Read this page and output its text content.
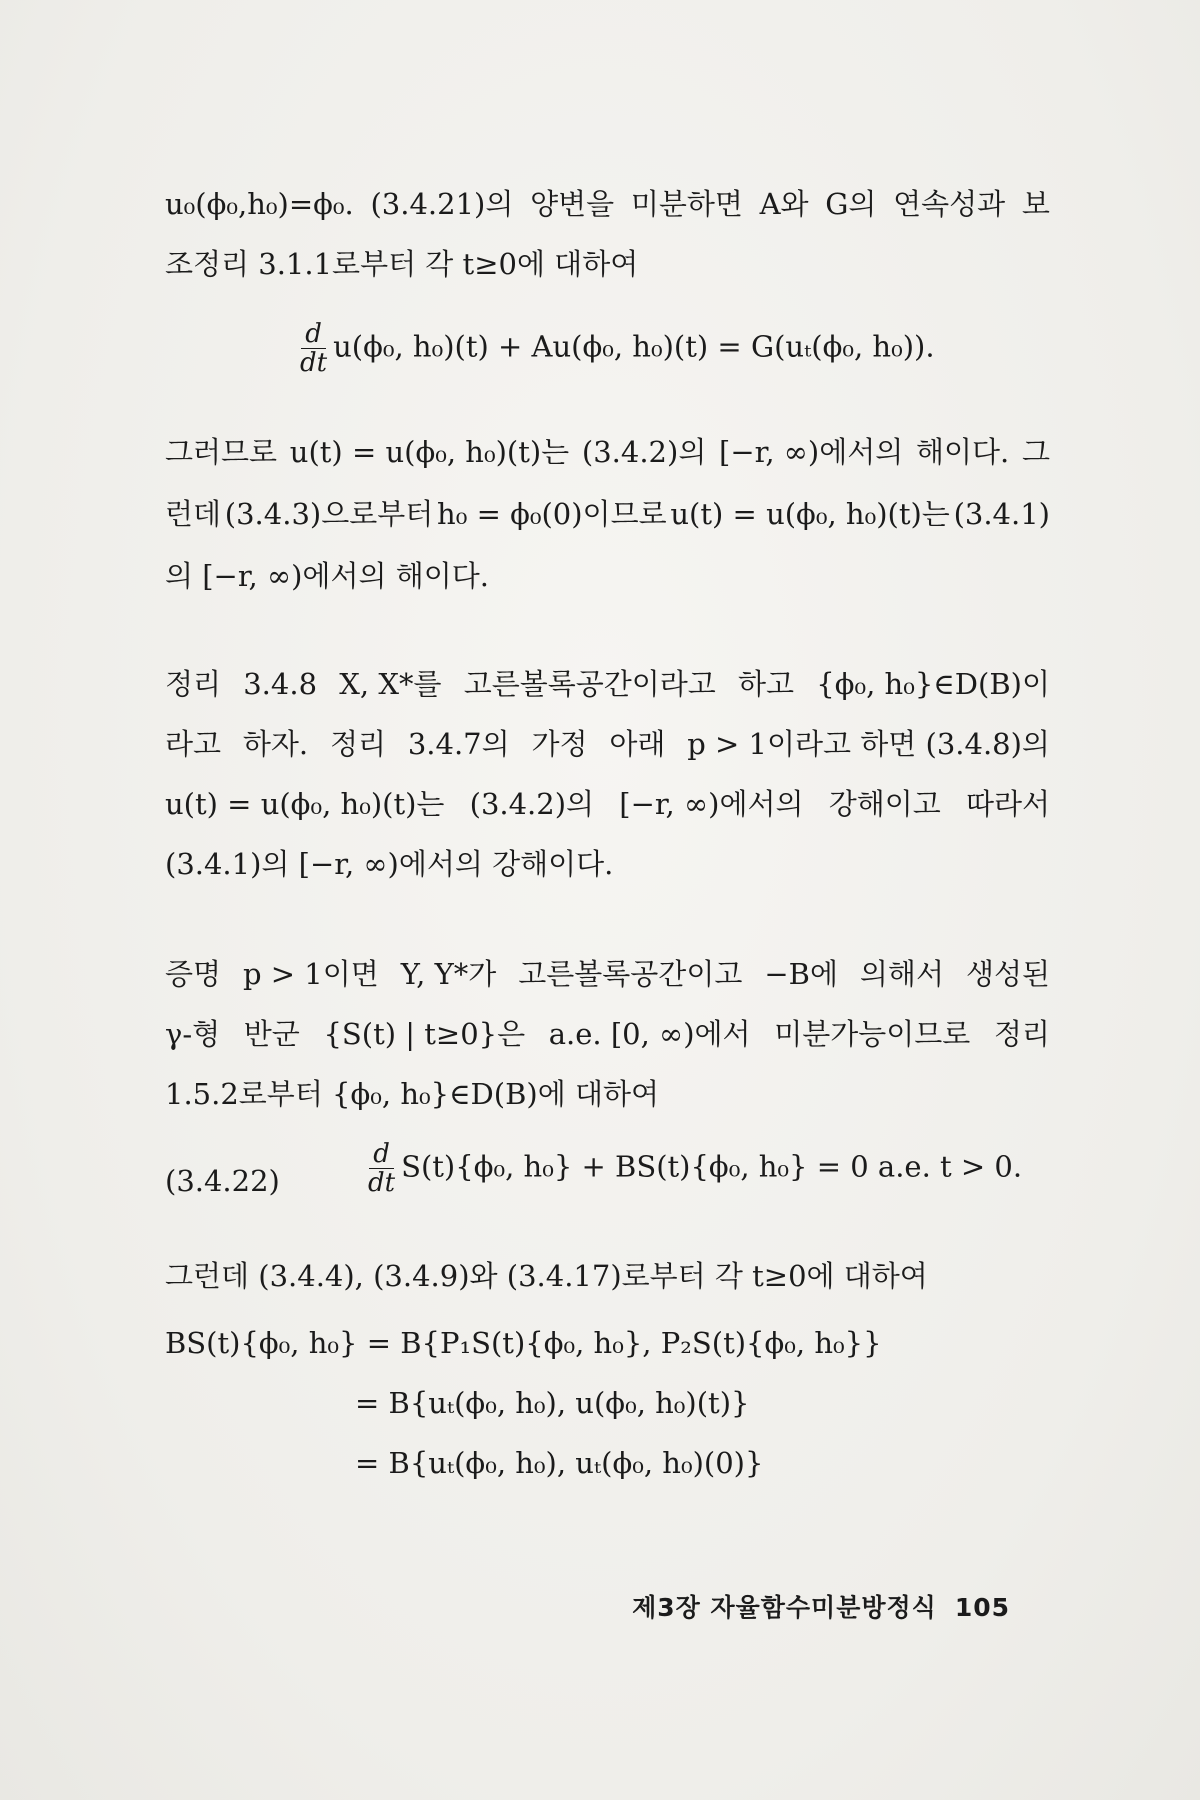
u₀(ϕ₀,h₀)=ϕ₀. (3.4.21)의 양변을 미분하면 A와 G의 연속성과 보
조정리 3.1.1로부터 각 t≥0에 대하여
$\frac{d}{dt} u(\phi_0$, h₀)(t) + Au(ϕ₀, h₀)(t) = G(uₜ(ϕ₀, h₀)).
그러므로 u(t) = u(ϕ₀, h₀)(t)는 (3.4.2)의 [−r, ∞)에서의 해이다. 그
런데 (3.4.3)으로부터 h₀ = ϕ₀(0)이므로 u(t) = u(ϕ₀, h₀)(t)는 (3.4.1)
의 [−r, ∞)에서의 해이다.
정리 3.4.8 X, X*를 고른볼록공간이라고 하고 {ϕ₀, h₀}∈D(B)이
라고 하자. 정리 3.4.7의 가정 아래 p > 1이라고 하면 (3.4.8)의
u(t) = u(ϕ₀, h₀)(t)는 (3.4.2)의 [−r, ∞)에서의 강해이고 따라서
(3.4.1)의 [−r, ∞)에서의 강해이다.
증명 p > 1이면 Y, Y*가 고른볼록공간이고 −B에 의해서 생성된
γ-형 반군 {S(t) | t≥0}은 a.e. [0, ∞)에서 미분가능이므로 정리
1.5.2로부터 {ϕ₀, h₀}∈D(B)에 대하여
(3.4.22)	$\frac{d}{dt} S(t)\{\phi_0$, h₀} + BS(t){ϕ₀, h₀} = 0 a.e. t > 0.
그런데 (3.4.4), (3.4.9)와 (3.4.17)로부터 각 t≥0에 대하여
BS(t){ϕ₀, h₀} = B{P₁S(t){ϕ₀, h₀}, P₂S(t){ϕ₀, h₀}}
= B{uₜ(ϕ₀, h₀), u(ϕ₀, h₀)(t)}
= B{uₜ(ϕ₀, h₀), uₜ(ϕ₀, h₀)(0)}
제3장 자율함수미분방정식 105
